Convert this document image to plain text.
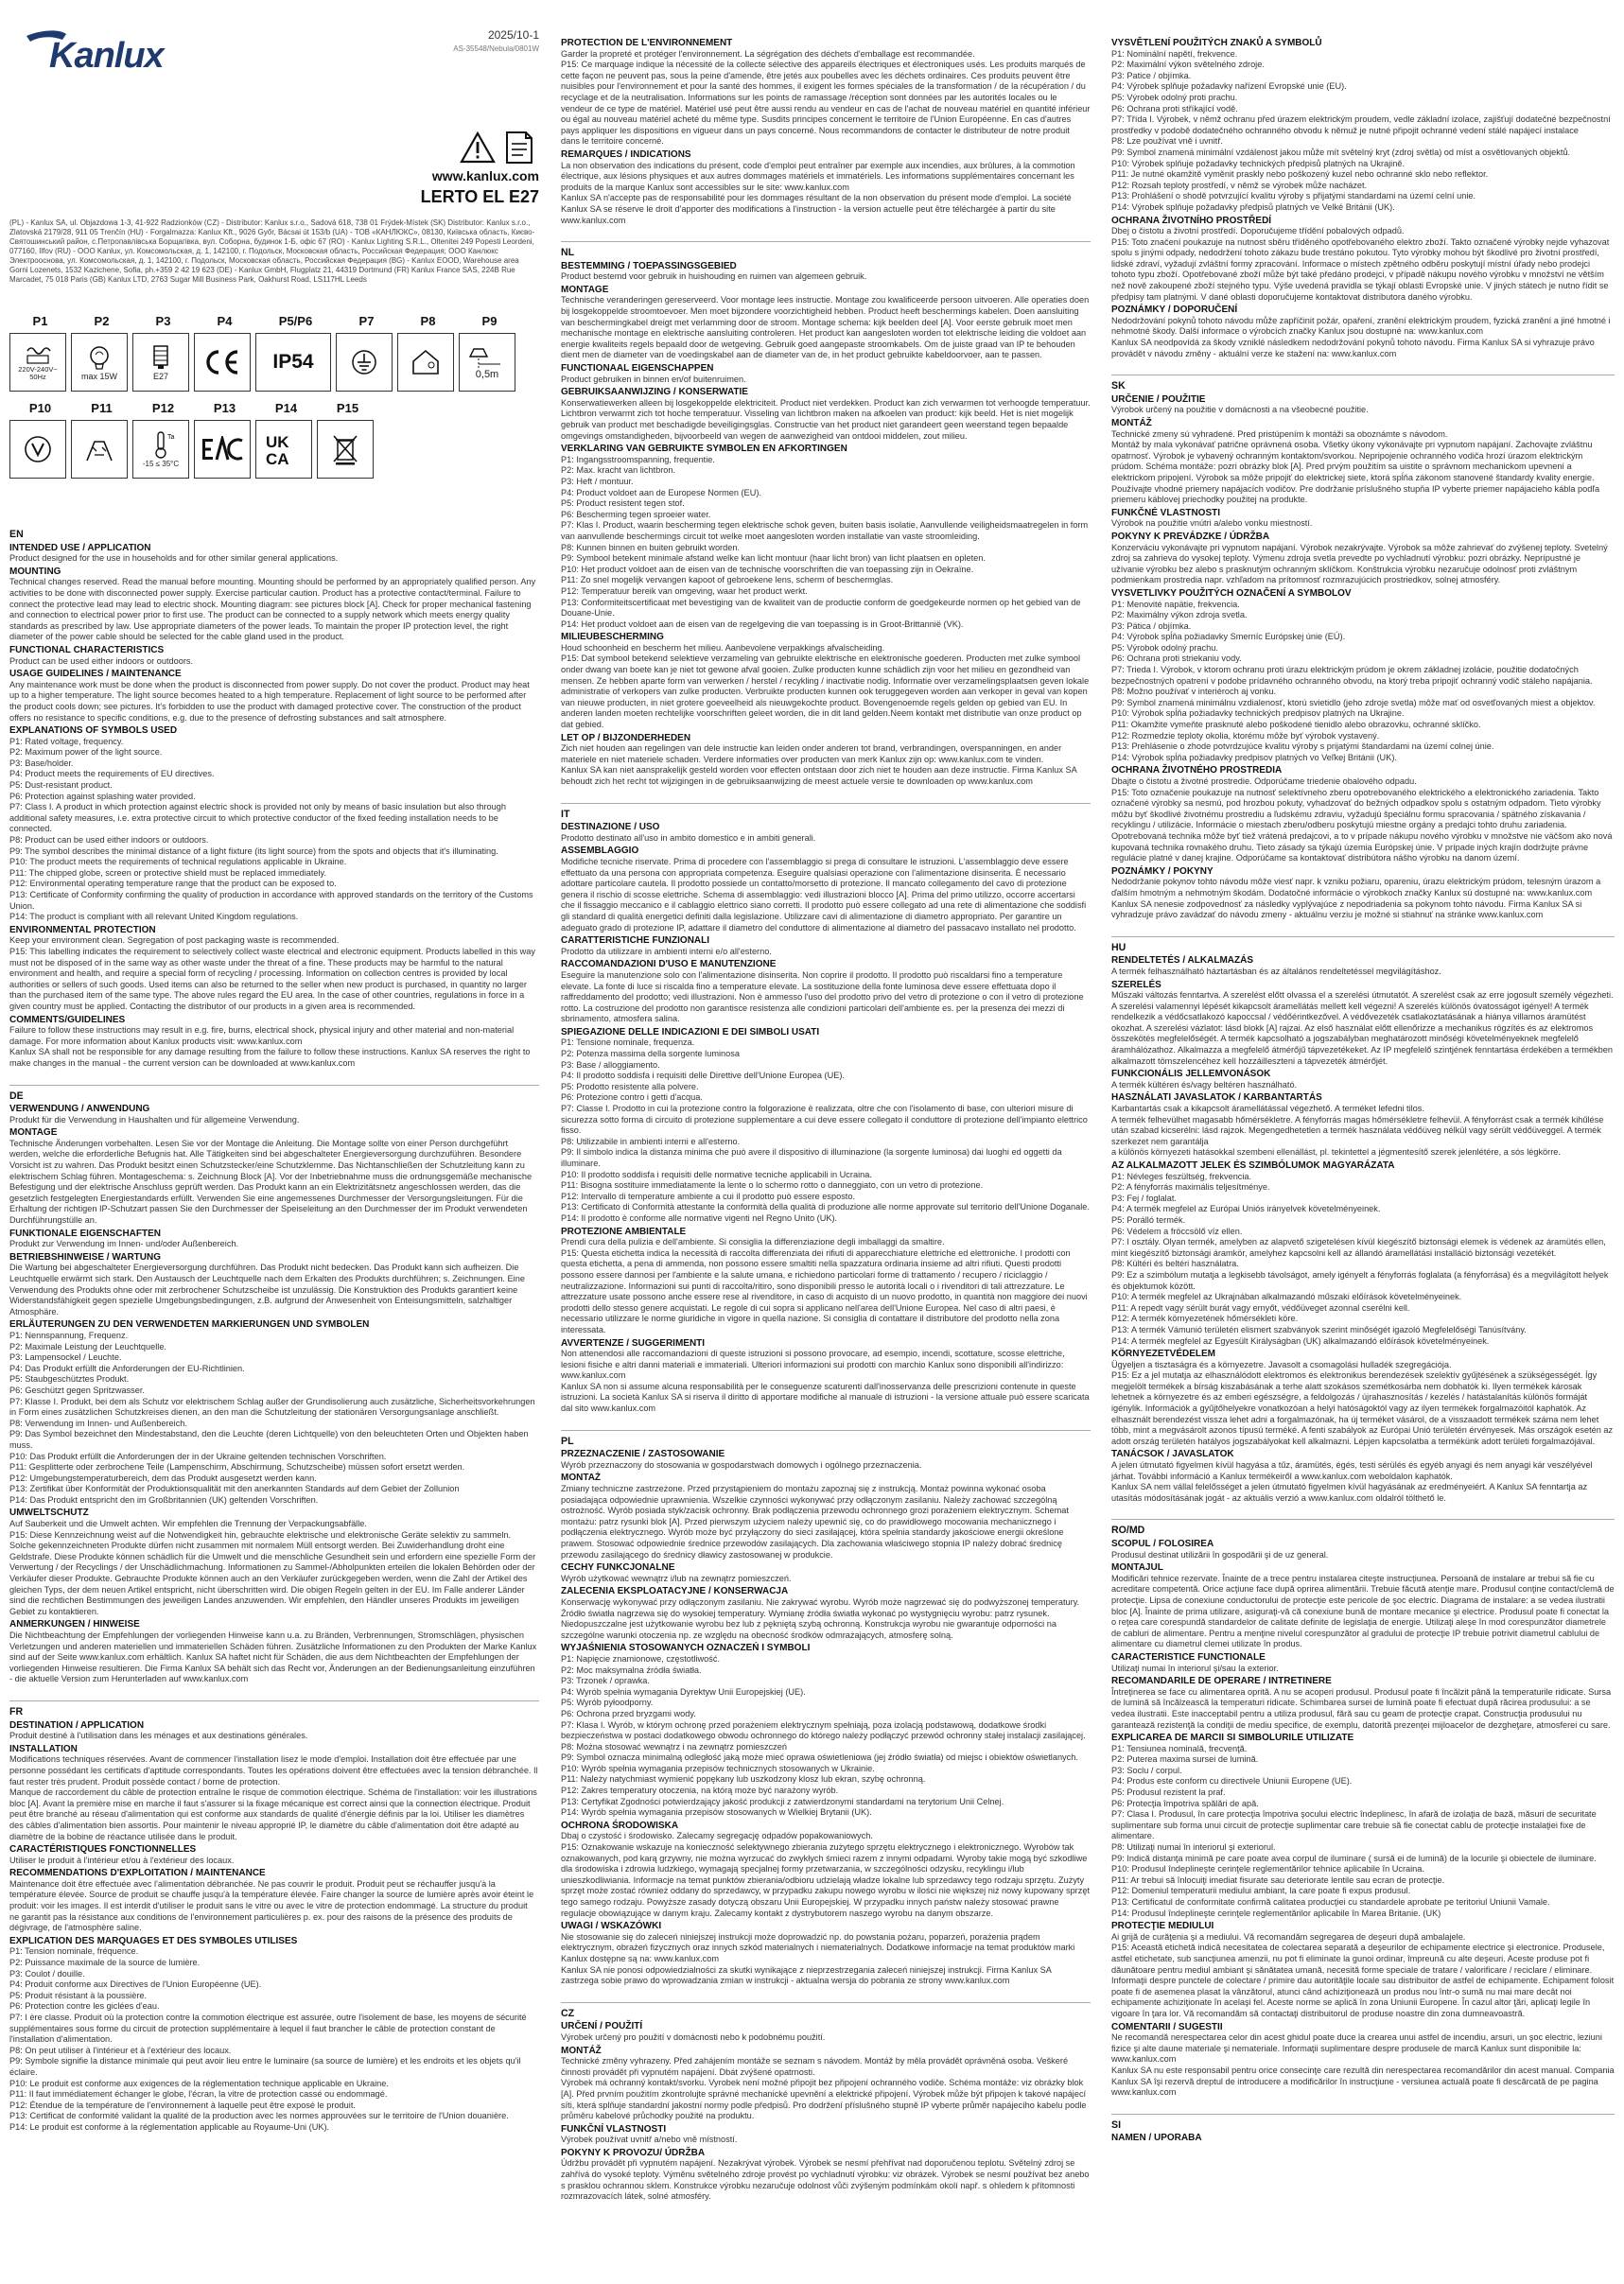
Kanlux
2025/10-1
AS-35548/Nebula/0801W
www.kanlux.com
LERTO EL E27
(PL) - Kanlux SA, ul. Objazdowa 1-3, 41-922 Radzionków (CZ) - Distributor: Kanlux s.r.o., Sadová 618, 738 01 Frýdek-Místek (SK) Distributor: Kanlux s.r.o., Zlatovská 2179/28, 911 05 Trenčín (HU) - Forgalmazza: Kanlux Kft., 9026 Győr, Bácsai út 153/b (UA) - ТОВ «КАНЛЮКС», 08130, Київська область, Києво-Святошинський район, с.Петропавлівська Борщагівка, вул. Соборна, будинок 1-Б, офіс 67 (RO) - Kanlux Lighting S.R.L., Oltenitei 249 Popesti Leordeni, 077160, Ilfov (RU) - ООО Kanlux, ул. Комсомольская, д. 1, 142100, г. Подольск, Московская область, Российская Федерация; ООО Канлюкс Электрооснова, ул. Комсомольская, д. 1, 142100, г. Подольск, Московская область, Российская Федерация (BG) - Kanlux EOOD, Warehouse area Gorni Lozenets, 1532 Kazichene, Sofia, ph.+359 2 42 19 623 (DE) - Kanlux GmbH, Flugplatz 21, 44319 Dortmund (FR) Kanlux France SAS, 224B Rue Marcadet, 75 018 Paris (GB) Kanlux LTD, 2763 Sugar Mill Business Park, Oakhurst Road, LS117HL Leeds
P1	P2	P3	P4	P5/P6	P7	P8	P9
220V-240V~ 50Hz	max 15W	E27
IP54
0,5m
P10	P11	P12	P13	P14	P15
Ta
-15 ≤ 35°C
UK
CA
EN
INTENDED USE / APPLICATION
Product designed for the use in households and for other similar general applications.
MOUNTING
Technical changes reserved. Read the manual before mounting. Mounting should be performed by an appropriately qualified person. Any activities to be done with disconnected power supply. Exercise particular caution. Product has a protective contact/terminal. Failure to connect the protective lead may lead to electric shock. Mounting diagram: see pictures block [A]. Check for proper mechanical fastening and connection to electrical power prior to first use. The product can be connected to a supply network which meets energy quality standards as prescribed by law. Use appropriate diameters of the power leads. To maintain the proper IP protection level, the right diameter of the power cable should be selected for the cable gland used in the product.
FUNCTIONAL CHARACTERISTICS
Product can be used either indoors or outdoors.
USAGE GUIDELINES / MAINTENANCE
Any maintenance work must be done when the product is disconnected from power supply. Do not cover the product. Product may heat up to a higher temperature. The light source becomes heated to a high temperature. Replacement of light source to be performed after the product cools down; see pictures. It's forbidden to use the product with damaged protective cover. The construction of the product offers no resistance to specific conditions, e.g. due to the presence of defrosting substances and salt atmosphere.
EXPLANATIONS OF SYMBOLS USED
P1: Rated voltage, frequency.
P2: Maximum power of the light source.
P3: Base/holder.
P4: Product meets the requirements of EU directives.
P5: Dust-resistant product.
P6: Protection against splashing water provided.
P7: Class I. A product in which protection against electric shock is provided not only by means of basic insulation but also through additional safety measures, i.e. extra protective circuit to which protective conductor of the fixed feeding installation needs to be connected.
P8: Product can be used either indoors or outdoors.
P9: The symbol describes the minimal distance of a light fixture (its light source) from the spots and objects that it's illuminating.
P10: The product meets the requirements of technical regulations applicable in Ukraine.
P11: The chipped globe, screen or protective shield must be replaced immediately.
P12: Environmental operating temperature range that the product can be exposed to.
P13: Certificate of Conformity confirming the quality of production in accordance with approved standards on the territory of the Customs Union.
P14: The product is compliant with all relevant United Kingdom regulations.
ENVIRONMENTAL PROTECTION
Keep your environment clean. Segregation of post packaging waste is recommended.
P15: This labelling indicates the requirement to selectively collect waste electrical and electronic equipment. Products labelled in this way must not be disposed of in the same way as other waste under the threat of a fine. These products may be harmful to the natural environment and health, and require a special form of recycling / processing. Information on collection centres is provided by local authorities or sellers of such goods. Used items can also be returned to the seller when new product is purchased, in quantity no larger than the purchased item of the same type. The above rules regard the EU area. In the case of other countries, regulations in force in a given country must be applied. Contacting the distributor of our products in a given area is recommended.
COMMENTS/GUIDELINES
Failure to follow these instructions may result in e.g. fire, burns, electrical shock, physical injury and other material and non-material damage. For more information about Kanlux products visit: www.kanlux.com
Kanlux SA shall not be responsible for any damage resulting from the failure to follow these instructions. Kanlux SA reserves the right to make changes in the manual - the current version can be downloaded at www.kanlux.com
DE
VERWENDUNG / ANWENDUNG
Produkt für die Verwendung in Haushalten und für allgemeine Verwendung.
MONTAGE
Technische Änderungen vorbehalten. Lesen Sie vor der Montage die Anleitung. Die Montage sollte von einer Person durchgeführt werden, welche die erforderliche Befugnis hat. Alle Tätigkeiten sind bei abgeschalteter Energieversorgung durchzuführen. Besondere Vorsicht ist zu wahren. Das Produkt besitzt einen Schutzstecker/eine Schutzklemme. Das Nichtanschließen der Schutzleitung kann zu elektrischem Schlag führen. Montageschema: s. Zeichnung Block [A]. Vor der Inbetriebnahme muss die ordnungsgemäße mechanische Befestigung und der elektrische Anschluss geprüft werden. Das Produkt kann an ein Elektrizitätsnetz angeschlossen werden, das die gesetzlich festgelegten Energiestandards erfüllt. Verwenden Sie eine angemessenes Durchmesser der Versorgungsleitungen. Für die Erhaltung der richtigen IP-Schutzart passen Sie den Durchmesser der Speiseleitung an den Durchmesser der im Produkt verwendeten Durchführungstülle an.
FUNKTIONALE EIGENSCHAFTEN
Produkt zur Verwendung im Innen- und/oder Außenbereich.
BETRIEBSHINWEISE / WARTUNG
Die Wartung bei abgeschalteter Energieversorgung durchführen. Das Produkt nicht bedecken. Das Produkt kann sich aufheizen. Die Leuchtquelle erwärmt sich stark. Den Austausch der Leuchtquelle nach dem Erkalten des Produkts durchführen; s. Zeichnungen. Eine Verwendung des Produkts ohne oder mit zerbrochener Schutzscheibe ist unzulässig. Die Konstruktion des Produkts garantiert keine Widerstandsfähigkeit gegen spezielle Umgebungsbedingungen, z.B. aufgrund der Anwesenheit von Enteisungsmitteln, salzhaltiger Atmosphäre.
ERLÄUTERUNGEN ZU DEN VERWENDETEN MARKIERUNGEN UND SYMBOLEN
P1: Nennspannung, Frequenz.
P2: Maximale Leistung der Leuchtquelle.
P3: Lampensockel / Leuchte.
P4: Das Produkt erfüllt die Anforderungen der EU-Richtlinien.
P5: Staubgeschütztes Produkt.
P6: Geschützt gegen Spritzwasser.
P7: Klasse I. Produkt, bei dem als Schutz vor elektrischem Schlag außer der Grundisolierung auch zusätzliche, Sicherheitsvorkehrungen in Form eines zusätzlichen Schutzkreises dienen, an den man die Schutzleitung der stationären Versorgungsanlage anschließt.
P8: Verwendung im Innen- und Außenbereich.
P9: Das Symbol bezeichnet den Mindestabstand, den die Leuchte (deren Lichtquelle) von den beleuchteten Orten und Objekten haben muss.
P10: Das Produkt erfüllt die Anforderungen der in der Ukraine geltenden technischen Vorschriften.
P11: Gesplitterte oder zerbrochene Teile (Lampenschirm, Abschirmung, Schutzscheibe) müssen sofort ersetzt werden.
P12: Umgebungstemperaturbereich, dem das Produkt ausgesetzt werden kann.
P13: Zertifikat über Konformität der Produktionsqualität mit den anerkannten Standards auf dem Gebiet der Zollunion
P14: Das Produkt entspricht den im Großbritannien (UK) geltenden Vorschriften.
UMWELTSCHUTZ
Auf Sauberkeit und die Umwelt achten. Wir empfehlen die Trennung der Verpackungsabfälle.
P15: Diese Kennzeichnung weist auf die Notwendigkeit hin, gebrauchte elektrische und elektronische Geräte selektiv zu sammeln. Solche gekennzeichneten Produkte dürfen nicht zusammen mit normalem Müll entsorgt werden. Bei Zuwiderhandlung droht eine Geldstrafe. Diese Produkte können schädlich für die Umwelt und die menschliche Gesundheit sein und erfordern eine spezielle Form der Verwertung / der Recyclings / der Unschädlichmachung. Informationen zu Sammel-/Abholpunkten erteilen die lokalen Behörden oder der Verkäufer dieser Produkte. Gebrauchte Produkte können auch an den Verkäufer zurückgegeben werden, wenn die Zahl der Artikel des gleichen Typs, der dem neuen Artikel entspricht, nicht überschritten wird. Die obigen Regeln gelten in der EU. Im Falle anderer Länder sind die rechtlichen Bestimmungen des jeweiligen Landes anzuwenden. Wir empfehlen, den Händler unseres Produkts im jeweiligen Gebiet zu kontaktieren.
ANMERKUNGEN / HINWEISE
Die Nichtbeachtung der Empfehlungen der vorliegenden Hinweise kann u.a. zu Bränden, Verbrennungen, Stromschlägen, physischen Verletzungen und anderen materiellen und immateriellen Schäden führen. Zusätzliche Informationen zu den Produkten der Marke Kanlux sind auf der Seite www.kanlux.com erhältlich. Kanlux SA haftet nicht für Schäden, die aus dem Nichtbeachten der Empfehlungen der vorliegenden Hinweise resultieren. Die Firma Kanlux SA behält sich das Recht vor, Änderungen an der Bedienungsanleitung einzuführen - die aktuelle Version zum Herunterladen auf www.kanlux.com
FR
DESTINATION / APPLICATION
Produit destiné à l'utilisation dans les ménages et aux destinations générales.
INSTALLATION
Modifications techniques réservées. Avant de commencer l'installation lisez le mode d'emploi. Installation doit être effectuée par une personne possédant les certificats d'aptitude correspondants. Toutes les opérations doivent être effectuées avec la tension débranchée. Il faut rester très prudent. Produit possède contact / borne de protection.
Manque de raccordement du câble de protection entraîne le risque de commotion électrique. Schéma de l'installation: voir les illustrations bloc [A]. Avant la première mise en marche il faut s'assurer si la fixage mécanique est correct ainsi que la connection électrique. Produit peut être branché au réseau d'alimentation qui est conforme aux standards de qualité d'énergie définis par la loi. Utiliser les diamètres des câbles d'alimentation bien assortis. Pour maintenir le niveau approprié IP, le diamètre du câble d'alimentation doit être adapté au diamètre de la bobine de réactance utilisée dans le produit.
CARACTÉRISTIQUES FONCTIONNELLES
Utiliser le produit à l'intérieur et/ou à l'extérieur des locaux.
RECOMMENDATIONS D'EXPLOITATION / MAINTENANCE
Maintenance doit être effectuée avec l'alimentation débranchée. Ne pas couvrir le produit. Produit peut se réchauffer jusqu'à la température élevée. Source de produit se chauffe jusqu'à la température élevée. Faire changer la source de lumière après avoir éteint le produit: voir les images. Il est interdit d'utiliser le produit sans le vitre ou avec le vitre de protection endommagé. La structure du produit ne garantit pas la résistance aux conditions de l'environnement particulières p. ex. pour des raisons de la présence des produits de dégivrage, de l'atmosphère saline.
EXPLICATION DES MARQUAGES ET DES SYMBOLES UTILISES
P1: Tension nominale, fréquence.
P2: Puissance maximale de la source de lumière.
P3: Coulot / douille.
P4: Produit conforme aux Directives de l'Union Européenne (UE).
P5: Produit résistant à la poussière.
P6: Protection contre les giclées d'eau.
P7: I ère classe. Produit où la protection contre la commotion électrique est assurée, outre l'isolement de base, les moyens de sécurité supplémentaires sous forme du circuit de protection supplémentaire à lequel il faut brancher le câble de protection constant de l'installation d'alimentation.
P8: On peut utiliser à l'intérieur et à l'extérieur des locaux.
P9: Symbole signifie la distance minimale qui peut avoir lieu entre le luminaire (sa source de lumière) et les endroits et les objets qu'il éclaire.
P10: Le produit est conforme aux exigences de la réglementation technique applicable en Ukraine.
P11: Il faut immédiatement échanger le globe, l'écran, la vitre de protection cassé ou endommagé.
P12: Étendue de la température de l'environnement à laquelle peut être exposé le produit.
P13: Certificat de conformité validant la qualité de la production avec les normes approuvées sur le territoire de l'Union douanière.
P14: Le produit est conforme à la réglementation applicable au Royaume-Uni (UK).
PROTECTION DE L'ENVIRONNEMENT
Garder la propreté et protéger l'environnement. La ségrégation des déchets d'emballage est recommandée.
P15: Ce marquage indique la nécessité de la collecte sélective des appareils électriques et électroniques usés. Les produits marqués de cette façon ne peuvent pas, sous la peine d'amende, être jetés aux poubelles avec les déchets ordinaires. Ces produits peuvent être nuisibles pour l'environnement et pour la santé des hommes, il exigent les formes spéciales de la transformation / de la récupération / du recyclage et de la neutralisation. Informations sur les points de ramassage /réception sont données par les autorités locales ou le vendeur de ce type de matériel. Matériel usé peut être aussi rendu au vendeur en cas de l'achat de nouveau matériel en quantité inférieur ou égal au nouveau matériel acheté du même type. Susdits principes concernent le territoire de l'Union Européenne. En cas d'autres pays appliquer les dispositions en vigueur dans un pays concerné. Nous recommandons de contacter le distributeur de notre produit dans le territoire concerné.
REMARQUES / INDICATIONS
La non observation des indications du présent, code d'emploi peut entraîner par exemple aux incendies, aux brûlures, à la commotion électrique, aux lésions physiques et aux autres dommages matériels et immatériels. Les informations supplémentaires concernant les produits de la marque Kanlux sont accessibles sur le site: www.kanlux.com
Kanlux SA n'accepte pas de responsabilité pour les dommages résultant de la non observation du présent mode d'emploi. La société Kanlux SA se réserve le droit d'apporter des modifications à l'instruction - la version actuelle peut être téléchargée à partir du site www.kanlux.com
NL
BESTEMMING / TOEPASSINGSGEBIED
Product bestemd voor gebruik in huishouding en ruimen van algemeen gebruik.
MONTAGE
Technische veranderingen gereserveerd. Voor montage lees instructie. Montage zou kwalificeerde persoon uitvoeren. Alle operaties doen bij losgekoppelde stroomtoevoer. Men moet bijzondere voorzichtigheid hebben. Product heeft beschermings kabelen. Doen aansluiting van beschermingkabel dreigt met verlamming door de stroom. Montage schema: kijk beelden deel [A]. Voor eerste gebruik moet men mechanische montage en elektrische aansluiting controleren. Het product kan aangesloten worden tot elektrische leiding die voldoet aan energie kwaliteits regels bepaald door de wetgeving. Gebruik goed aangepaste stroomkabels. Om de juiste graad van IP te behouden dient men de diameter van de voedingskabel aan de diameter van de, in het product gebruikte kabeldoorvoer, aan te passen.
FUNCTIONAAL EIGENSCHAPPEN
Product gebruiken in binnen en/of buitenruimen.
GEBRUIKSAANWIJZING / KONSERWATIE
Konserwatiewerken alleen bij losgekoppelde elektriciteit. Product niet verdekken. Product kan zich verwarmen tot verhoogde temperatuur. Lichtbron verwarmt zich tot hoche temperatuur. Visseling van lichtbron maken na afkoelen van product: kijk beeld. Het is niet mogelijk gebruik van product met beschadigde beveiligingsglas. Constructie van het product niet garandeert geen weerstand tegen bepaalde omgevings omstandigheden, bijvoorbeeld van wegen de aanwezigheid van ontdooi middelen, zout milieu.
VERKLARING VAN GEBRUIKTE SYMBOLEN EN AFKORTINGEN
P1: Ingangsstroomspanning, frequentie.
P2: Max. kracht van lichtbron.
P3: Heft / montuur.
P4: Product voldoet aan de Europese Normen (EU).
P5: Product resistent tegen stof.
P6: Bescherming tegen sproeier water.
P7: Klas I. Product, waarin bescherming tegen elektrische schok geven, buiten basis isolatie, Aanvullende veiligheidsmaatregelen in form van aanvullende beschermings circuit tot welke moet aangesloten worden installatie van vaste stroomleiding.
P8: Kunnen binnen en buiten gebruikt worden.
P9: Symbool betekent minimale afstand welke kan licht montuur (haar licht bron) van licht plaatsen en opleten.
P10: Het product voldoet aan de eisen van de technische voorschriften die van toepassing zijn in Oekraïne.
P11: Zo snel mogelijk vervangen kapoot of gebroekene lens, scherm of beschermglas.
P12: Temperatuur bereik van omgeving, waar het product werkt.
P13: Conformiteitscertificaat met bevestiging van de kwaliteit van de productie conform de goedgekeurde normen op het gebied van de Douane-Unie.
P14: Het product voldoet aan de eisen van de regelgeving die van toepassing is in Groot-Brittannië (VK).
MILIEUBESCHERMING
Houd schoonheid en bescherm het milieu. Aanbevolene verpakkings afvalscheiding.
P15: Dat symbool betekend selektieve verzameling van gebruikte elektrische en elektronische goederen. Producten met zulke symbool onder dwang van boete kan je niet tot gewone afval gooien. Zulke producten kunne schädlich zijn voor het milieu en gezondheid van mensen. Ze hebben aparte form van verwerken / herstel / recykling / inactivatie nodig. Informatie over verzamelingsplaatsen geven lokale administratie of verkopers van zulke producten. Verbruikte producten kunnen ook teruggegeven worden aan verkoper in geval van kopen van nieuwe producten, in niet grotere goeveelheid als nieuwgekochte product. Bovengenoemde regels gelden op gebied van EU. In anderen landen moeten rechtelijke voorschriften geleet worden, die in dit land gelden.Neem kontakt met distributie van onze product op dat gebied.
LET OP / BIJZONDERHEDEN
Zich niet houden aan regelingen van dele instructie kan leiden onder anderen tot brand, verbrandingen, overspanningen, en ander materiele en niet materiele schaden. Verdere informaties over producten van merk Kanlux zijn op: www.kanlux.com te vinden.
Kanlux SA kan niet aansprakelijk gesteld worden voor effecten ontstaan door zich niet te houden aan deze instructie. Firma Kanlux SA behoudt zich het recht tot wijzigingen in de gebruiksaanwijzing de meest actuele versie te downloaden op www.kanlux.com
IT
DESTINAZIONE / USO
Prodotto destinato all'uso in ambito domestico e in ambiti generali.
ASSEMBLAGGIO
Modifiche tecniche riservate. Prima di procedere con l'assemblaggio si prega di consultare le istruzioni. L'assemblaggio deve essere effettuato da una persona con appropriata competenza. Eseguire qualsiasi operazione con l'alimentazione disinserita. È necessario adottare particolare cautela. Il prodotto possiede un contatto/morsetto di protezione. Il mancato collegamento del cavo di protezione genera il rischio di scosse elettriche. Schema di assemblaggio: vedi illustrazioni blocco [A]. Prima del primo utilizzo, occorre accertarsi che il fissaggio meccanico e il cablaggio elettrico siano corretti. Il prodotto può essere collegato ad una rete di alimentazione che soddisfi gli standard di qualità energetici definiti dalla legislazione. Utilizzare cavi di alimentazione di diametro appropriato. Per garantire un adeguato grado di protezione IP, adattare il diametro del conduttore di alimentazione al diametro del passacavo installato nel prodotto.
CARATTERISTICHE FUNZIONALI
Prodotto da utilizzare in ambienti interni e/o all'esterno.
RACCOMANDAZIONI D'USO E MANUTENZIONE
Eseguire la manutenzione solo con l'alimentazione disinserita. Non coprire il prodotto. Il prodotto può riscaldarsi fino a temperature elevate. La fonte di luce si riscalda fino a temperature elevate. La sostituzione della fonte luminosa deve essere effettuata dopo il raffreddamento del prodotto; vedi illustrazioni. Non è ammesso l'uso del prodotto privo del vetro di protezione o con il vetro di protezione rotto. La costruzione del prodotto non garantisce resistenza alle condizioni particolari dell'ambiente es. per la presenza dei mezzi di sbrinamento, atmosfera salina.
SPIEGAZIONE DELLE INDICAZIONI E DEI SIMBOLI USATI
P1: Tensione nominale, frequenza.
P2: Potenza massima della sorgente luminosa
P3: Base / alloggiamento.
P4: Il prodotto soddisfa i requisiti delle Direttive dell'Unione Europea (UE).
P5: Prodotto resistente alla polvere.
P6: Protezione contro i getti d'acqua.
P7: Classe I. Prodotto in cui la protezione contro la folgorazione è realizzata, oltre che con l'isolamento di base, con ulteriori misure di sicurezza sotto forma di circuito di protezione supplementare a cui deve essere collegato il conduttore di protezione dell'impianto elettrico fisso.
P8: Utilizzabile in ambienti interni e all'esterno.
P9: Il simbolo indica la distanza minima che può avere il dispositivo di illuminazione (la sorgente luminosa) dai luoghi ed oggetti da illuminare.
P10: Il prodotto soddisfa i requisiti delle normative tecniche applicabili in Ucraina.
P11: Bisogna sostituire immediatamente la lente o lo schermo rotto o danneggiato, con un vetro di protezione.
P12: Intervallo di temperature ambiente a cui il prodotto può essere esposto.
P13: Certificato di Conformità attestante la conformità della qualità di produzione alle norme approvate sul territorio dell'Unione Doganale.
P14: Il prodotto è conforme alle normative vigenti nel Regno Unito (UK).
PROTEZIONE AMBIENTALE
Prendi cura della pulizia e dell'ambiente. Si consiglia la differenziazione degli imballaggi da smaltire.
P15: Questa etichetta indica la necessità di raccolta differenziata dei rifiuti di apparecchiature elettriche ed elettroniche. I prodotti con questa etichetta, a pena di ammenda, non possono essere smaltiti nella spazzatura ordinaria insieme ad altri rifiuti. Questi prodotti possono essere dannosi per l'ambiente e la salute umana, e richiedono particolari forme di trattamento / recupero / riciclaggio / neutralizzazione. Informazioni sui punti di raccolta/ritiro, sono disponibili presso le autorità locali o i rivenditori di tali attrezzature. Le attrezzature usate possono anche essere rese al rivenditore, in caso di acquisto di un nuovo prodotto, in quantità non maggiore dei nuovi prodotti dello stesso genere acquistati. Le regole di cui sopra si applicano nell'area dell'Unione Europea. Nel caso di altri paesi, è necessario utilizzare le norme giuridiche in vigore in quella nazione. Si consiglia di contattare il distributore del prodotto nella zona interessata.
AVVERTENZE / SUGGERIMENTI
Non attenendosi alle raccomandazioni di queste istruzioni si possono provocare, ad esempio, incendi, scottature, scosse elettriche, lesioni fisiche e altri danni materiali e immateriali. Ulteriori informazioni sui prodotti con marchio Kanlux sono disponibili all'indirizzo: www.kanlux.com
Kanlux SA non si assume alcuna responsabilità per le conseguenze scaturenti dall'inosservanza delle prescrizioni contenute in queste istruzioni. La società Kanlux SA si riserva il diritto di apportare modifiche al manuale di istruzioni - la versione attuale può essere scaricata dal sito www.kanlux.com
PL
PRZEZNACZENIE / ZASTOSOWANIE
Wyrób przeznaczony do stosowania w gospodarstwach domowych i ogólnego przeznaczenia.
MONTAŻ
Zmiany techniczne zastrzeżone. Przed przystąpieniem do montażu zapoznaj się z instrukcją. Montaż powinna wykonać osoba posiadająca odpowiednie uprawnienia. Wszelkie czynności wykonywać przy odłączonym zasilaniu. Należy zachować szczególną ostrożność. Wyrób posiada styk/zacisk ochronny. Brak podłączenia przewodu ochronnego grozi porażeniem elektrycznym. Schemat montażu: patrz rysunki blok [A]. Przed pierwszym użyciem należy upewnić się, co do prawidłowego mocowania mechanicznego i podłączenia elektrycznego. Wyrób może być przyłączony do sieci zasilającej, która spełnia standardy jakościowe energii określone prawem. Stosować odpowiednie średnice przewodów zasilających. Dla zachowania właściwego stopnia IP należy dobrać średnicę przewodu zasilającego do średnicy dławicy zastosowanej w produkcie.
CECHY FUNKCJONALNE
Wyrób użytkować wewnątrz i/lub na zewnątrz pomieszczeń.
ZALECENIA EKSPLOATACYJNE / KONSERWACJA
Konserwację wykonywać przy odłączonym zasilaniu. Nie zakrywać wyrobu. Wyrób może nagrzewać się do podwyższonej temperatury. Źródło światła nagrzewa się do wysokiej temperatury. Wymianę źródła światła wykonać po wystygnięciu wyrobu: patrz rysunek. Niedopuszczalne jest użytkowanie wyrobu bez lub z pękniętą szybą ochronną. Konstrukcja wyrobu nie gwarantuje odporności na szczególne warunki otoczenia np. ze względu na obecność środków odmrażających, atmosferę solną.
WYJAŚNIENIA STOSOWANYCH OZNACZEŃ I SYMBOLI
P1: Napięcie znamionowe, częstotliwość.
P2: Moc maksymalna źródła światła.
P3: Trzonek / oprawka.
P4: Wyrób spełnia wymagania Dyrektyw Unii Europejskiej (UE).
P5: Wyrób pyłoodporny.
P6: Ochrona przed bryzgami wody.
P7: Klasa I. Wyrób, w którym ochronę przed porażeniem elektrycznym spełniają, poza izolacją podstawową, dodatkowe środki bezpieczeństwa w postaci dodatkowego obwodu ochronnego do którego należy podłączyć przewód ochronny stałej instalacji zasilającej.
P8: Można stosować wewnątrz i na zewnątrz pomieszczeń
P9: Symbol oznacza minimalną odległość jaką może mieć oprawa oświetleniowa (jej źródło światła) od miejsc i obiektów oświetlanych.
P10: Wyrób spełnia wymagania przepisów technicznych stosowanych w Ukrainie.
P11: Należy natychmiast wymienić popękany lub uszkodzony klosz lub ekran, szybę ochronną.
P12: Zakres temperatury otoczenia, na którą może być narażony wyrób.
P13: Certyfikat Zgodności potwierdzający jakość produkcji z zatwierdzonymi standardami na terytorium Unii Celnej.
P14: Wyrób spełnia wymagania przepisów stosowanych w Wielkiej Brytanii (UK).
OCHRONA ŚRODOWISKA
Dbaj o czystość i środowisko. Zalecamy segregację odpadów popakowaniowych.
P15: Oznakowanie wskazuje na konieczność selektywnego zbierania zużytego sprzętu elektrycznego i elektronicznego. Wyrobów tak oznakowanych, pod karą grzywny, nie można wyrzucać do zwykłych śmieci razem z innymi odpadami. Wyroby takie mogą być szkodliwe dla środowiska i zdrowia ludzkiego, wymagają specjalnej formy przetwarzania, w szczególności odzysku, recyklingu i/lub unieszkodliwiania. Informacje na temat punktów zbierania/odbioru udzielają władze lokalne lub sprzedawcy tego rodzaju sprzętu. Zużyty sprzęt może zostać również oddany do sprzedawcy, w przypadku zakupu nowego wyrobu w ilości nie większej niż nowy kupowany sprzęt tego samego rodzaju. Powyższe zasady dotyczą obszaru Unii Europejskiej. W przypadku innych państw należy stosować prawne regulacje obowiązujące w danym kraju. Zalecamy kontakt z dystrybutorem naszego wyrobu na danym obszarze.
UWAGI / WSKAZÓWKI
Nie stosowanie się do zaleceń niniejszej instrukcji może doprowadzić np. do powstania pożaru, poparzeń, porażenia prądem elektrycznym, obrażeń fizycznych oraz innych szkód materialnych i niematerialnych. Dodatkowe informacje na temat produktów marki Kanlux dostępne są na: www.kanlux.com
Kanlux SA nie ponosi odpowiedzialności za skutki wynikające z nieprzestrzegania zaleceń niniejszej instrukcji. Firma Kanlux SA zastrzega sobie prawo do wprowadzania zmian w instrukcji - aktualna wersja do pobrania ze strony www.kanlux.com
CZ
URČENÍ / POUŽITÍ
Výrobek určený pro použití v domácnosti nebo k podobnému použití.
MONTÁŽ
Technické změny vyhrazeny. Před zahájením montáže se seznam s návodem. Montáž by měla provádět oprávněná osoba. Veškeré činnosti provádět při vypnutém napájení. Dbát zvýšené opatrnosti.
Výrobek má ochranný kontakt/svorku. Vyrobek není možné připojit bez připojení ochranného vodiče. Schéma montáže: viz obrázky blok [A]. Před prvním použitím zkontrolujte správné mechanické upevnění a elektrické připojení. Výrobek může být připojen k takové napájecí síti, která splňuje standardní jakostní normy podle předpisů. Pro dodržení příslušného stupně IP vyberte průměr napájecího kabelu podle průměru kabelové průchodky použité na produktu.
FUNKČNÍ VLASTNOSTI
Výrobek používat uvnitř a/nebo vně místností.
POKYNY K PROVOZU/ ÚDRŽBA
Údržbu provádět při vypnutém napájení. Nezakrývat výrobek. Výrobek se nesmí přehřívat nad doporučenou teplotu. Světelný zdroj se zahřívá do vysoké teploty. Výměnu světelného zdroje provést po vychladnutí výrobku: viz obrázek. Výrobek se nesmí používat bez anebo s prasklou ochrannou sklem. Konstrukce výrobku nezaručuje odolnost vůči zvýšeným podmínkám okolí např. s ohledem k přítomnosti rozmrazovacích látek, solné atmosféry.
VYSVĚTLENÍ POUŽITÝCH ZNAKŮ A SYMBOLŮ
P1: Nominální napětí, frekvence.
P2: Maximální výkon světelného zdroje.
P3: Patice / objímka.
P4: Výrobek splňuje požadavky nařízení Evropské unie (EU).
P5: Výrobek odolný proti prachu.
P6: Ochrana proti stříkající vodě.
P7: Třída I. Výrobek, v němž ochranu před úrazem elektrickým proudem, vedle základní izolace, zajišťují dodatečné bezpečnostní prostředky v podobě dodatečného ochranného obvodu k němuž je nutné připojit ochranné vedení stálé napájecí instalace
P8: Lze používat vně i uvnitř.
P9: Symbol znamená minimální vzdálenost jakou může mít světelný kryt (zdroj světla) od míst a osvětlovaných objektů.
P10: Výrobek splňuje požadavky technických předpisů platných na Ukrajině.
P11: Je nutné okamžitě vyměnit praskly nebo poškozený kuzel nebo ochranné sklo nebo reflektor.
P12: Rozsah teploty prostředí, v němž se výrobek může nacházet.
P13: Prohlášení o shodě potvrzující kvalitu výroby s přijatými standardami na území celní unie.
P14: Výrobek splňuje požadavky předpisů platných ve Velké Británii (UK).
OCHRANA ŽIVOTNÍHO PROSTŘEDÍ
Dbej o čistotu a životní prostředí. Doporučujeme třídění pobalových odpadů.
P15: Toto značení poukazuje na nutnost sběru tříděného opotřebovaného elektro zboží. Takto označené výrobky nejde vyhazovat spolu s jinými odpady, nedodržení tohoto zákazu bude trestáno pokutou. Tyto výrobky mohou být škodlivé pro životní prostředí, lidské zdraví, vyžadují zvláštní formy zpracování. Informace o místech zpětného odběru poskytují místní úřady nebo prodejci tohoto typu zboží. Opotřebované zboží může být také předáno prodejci, v případě nákupu nového výrobku v množství ne větším než nově zakoupené zboží stejného typu. Výše uvedená pravidla se týkají oblasti Evropské unie. V jiných státech je nutno řídit se předpisy tam platnými. V dané oblasti doporučujeme kontaktovat distributora daného výrobku.
POZNÁMKY / DOPORUČENÍ
Nedodržování pokynů tohoto návodu může zapříčinit požár, opaření, zranění elektrickým proudem, fyzická zranění a jiné hmotné i nehmotné škody. Další informace o výrobcích značky Kanlux jsou dostupné na: www.kanlux.com
Kanlux SA neodpovídá za škody vzniklé následkem nedodržování pokynů tohoto návodu. Firma Kanlux SA si vyhrazuje právo provádět v návodu změny - aktuální verze ke stažení na: www.kanlux.com
SK
URČENIE / POUŽITIE
Výrobok určený na použitie v domácnosti a na všeobecné použitie.
MONTÁŽ
Technické zmeny sú vyhradené. Pred pristúpením k montáži sa oboznámte s návodom.
Montáž by mala vykonávať patrične oprávnená osoba. Všetky úkony vykonávajte pri vypnutom napájaní. Zachovajte zvláštnu opatrnosť. Výrobok je vybavený ochranným kontaktom/svorkou. Nepripojenie ochranného vodiča hrozí úrazom elektrickým prúdom. Schéma montáže: pozri obrázky blok [A]. Pred prvým použitím sa uistite o správnom mechanickom upevnení a elektrickom pripojení. Výrobok sa môže pripojiť do elektrickej siete, ktorá spĺňa zákonom stanovené štandardy kvality energie. Používajte vhodné priemery napájacích vodičov. Pre dodržanie príslušného stupňa IP vyberte priemer napájacieho kábla podľa priemeru káblovej priechodky použitej na produkte.
FUNKČNÉ VLASTNOSTI
Výrobok na použitie vnútri a/alebo vonku miestností.
POKYNY K PREVÁDZKE / ÚDRŽBA
Konzerváciu vykonávajte pri vypnutom napájaní. Výrobok nezakrývajte. Výrobok sa môže zahrievať do zvýšenej teploty. Svetelný zdroj sa zahrieva do vysokej teploty. Výmenu zdroja svetla prevedte po vychladnutí výrobku: pozri obrázky. Neprípustné je užívanie výrobku bez alebo s prasknutým ochranným sklíčkom. Konštrukcia výrobku nezaručuje odolnosť proti zvláštnym podmienkam prostredia napr. vzhľadom na prítomnosť rozmrazujúcich prostriedkov, solnej atmosféry.
VYSVETLIVKY POUŽITÝCH OZNAČENÍ A SYMBOLOV
P1: Menovité napätie, frekvencia.
P2: Maximálny výkon zdroja svetla.
P3: Pätica / objímka.
P4: Výrobok spĺňa požiadavky Smerníc Európskej únie (EÚ).
P5: Výrobok odolný prachu.
P6: Ochrana proti striekaniu vody.
P7: Trieda I. Výrobok, v ktorom ochranu proti úrazu elektrickým prúdom je okrem základnej izolácie, použitie dodatočných bezpečnostných opatrení v podobe prídavného ochranného obvodu, na ktorý treba pripojiť ochranný vodič stáleho napájania.
P8: Možno používať v interiéroch aj vonku.
P9: Symbol znamená minimálnu vzdialenosť, ktorú svietidlo (jeho zdroje svetla) môže mať od osvetľovaných miest a objektov.
P10: Výrobok spĺňa požiadavky technických predpisov platných na Ukrajine.
P11: Okamžite vymeňte prasknuté alebo poškodené tienidlo alebo obrazovku, ochranné sklíčko.
P12: Rozmedzie teploty okolia, ktorému môže byť výrobok vystavený.
P13: Prehlásenie o zhode potvrdzujúce kvalitu výroby s prijatými štandardami na území colnej únie.
P14: Výrobok spĺňa požiadavky predpisov platných vo Veľkej Británii (UK).
OCHRANA ŽIVOTNÉHO PROSTREDIA
Dbajte o čistotu a životné prostredie. Odporúčame triedenie obalového odpadu.
P15: Toto označenie poukazuje na nutnosť selektívneho zberu opotrebovaného elektrického a elektronického zariadenia. Takto označené výrobky sa nesmú, pod hrozbou pokuty, vyhadzovať do bežných odpadkov spolu s ostatným odpadom. Tieto výrobky môžu byť škodlivé životnému prostrediu a ľudskému zdraviu, vyžadujú špeciálnu formu spracovania / spätného získavania / recyklingu / utilizácie. Informácie o miestach zberu/odberu poskytujú miestne orgány a predajci tohto druhu zariadenia. Opotrebovaná technika môže byť tiež vrátená predajcovi, a to v prípade nákupu nového výrobku v množstve nie väčšom ako nová kupovaná technika rovnakého druhu. Tieto zásady sa týkajú územia Európskej únie. V prípade iných krajín dodržujte právne regulácie platné v danej krajine. Odporúčame sa kontaktovať distribútora nášho výrobku na danom území.
POZNÁMKY / POKYNY
Nedodržanie pokynov tohto návodu môže viesť napr. k vzniku požiaru, opareniu, úrazu elektrickým prúdom, telesným úrazom a ďalším hmotným a nehmotným škodám. Dodatočné informácie o výrobkoch značky Kanlux sú dostupné na: www.kanlux.com
Kanlux SA nenesie zodpovednosť za následky vyplývajúce z nepodriadenia sa pokynom tohto návodu. Firma Kanlux SA si vyhradzuje právo zavádzať do návodu zmeny - aktuálnu verziu je možné si stiahnuť na stránke www.kanlux.com
HU
RENDELTETÉS / ALKALMAZÁS
A termék felhasználható háztartásban és az általános rendeltetéssel megvilágításhoz.
SZERELÉS
Műszaki változás fenntartva. A szerelést előtt olvassa el a szerelési útmutatót. A szerelést csak az erre jogosult személy végezheti. A szerelési valamennyi lépését kikapcsolt áramellátás mellett kell végezni! A szerelés különös óvatosságot igényel! A termék rendelkezik a védőcsatlakozó kapoccsal / védőérintkezővel. A védővezeték csatlakoztatásának a hiánya villamos áramütést okozhat. A szerelési vázlatot: lásd blokk [A] rajzai. Az első használat előtt ellenőrizze a mechanikus rögzítés és az elektromos összekötés megfelelőségét. A termék kapcsolható a jogszabályban meghatározott minőségi követelményeknek megfelelő áramhálózathoz. Alkalmazza a megfelelő átmérőjű tápvezetékeket. Az IP megfelelő szintjének fenntartása érdekében a termékben alkalmazott tömszelencéhez kell hozzáilleszteni a tápvezeték átmérőjét.
FUNKCIONÁLIS JELLEMVONÁSOK
A termék kültéren és/vagy beltéren használható.
HASZNÁLATI JAVASLATOK / KARBANTARTÁS
Karbantartás csak a kikapcsolt áramellátással végezhető. A terméket lefedni tilos.
A termék felhevülhet magasabb hőmérsékletre. A fényforrás magas hőmérsékletre felhevül. A fényforrást csak a termék kihűlése után szabad kicserélni: lásd rajzok. Megengedhetetlen a termék használata védőüveg nélkül vagy sérült védőüveggel. A termék szerkezet nem garantálja
a különös környezeti hatásokkal szembeni ellenállást, pl. tekintettel a jégmentesítő szerek jelenlétére, a sós légkörre.
AZ ALKALMAZOTT JELEK ÉS SZIMBÓLUMOK MAGYARÁZATA
P1: Névleges feszültség, frekvencia.
P2: A fényforrás maximális teljesítménye.
P3: Fej / foglalat.
P4: A termék megfelel az Európai Uniós irányelvek követelményeinek.
P5: Porálló termék.
P6: Védelem a fröccsölő víz ellen.
P7: I osztály. Olyan termék, amelyben az alapvető szigetelésen kívül kiegészítő biztonsági elemek is védenek az áramütés ellen, mint kiegészítő biztonsági áramkör, amelyhez kapcsolni kell az állandó áramellátási installáció biztonsági vezetékét.
P8: Kültéri és beltéri használatra.
P9: Ez a szimbólum mutatja a legkisebb távolságot, amely igényelt a fényforrás foglalata (a fényforrása) és a megvilágított helyek és objektumok között.
P10: A termék megfelel az Ukrajnában alkalmazandó műszaki előírások követelményeinek.
P11: A repedt vagy sérült burát vagy ernyőt, védőüveget azonnal cserélni kell.
P12: A termék környezetének hőmérsékleti köre.
P13: A termék Vámunió területén elismert szabványok szerint minőségét igazoló Megfelelőségi Tanúsítvány.
P14: A termék megfelel az Egyesült Királyságban (UK) alkalmazandó előírások követelményeinek.
KÖRNYEZETVÉDELEM
Ügyeljen a tisztaságra és a környezetre. Javasolt a csomagolási hulladék szegregációja.
P15: Ez a jel mutatja az elhasználódott elektromos és elektronikus berendezések szelektív gyűjtésének a szükségességét. Így megjelölt termékek a bírság kiszabásának a terhe alatt szokásos szemétkosárba nem dobhatók ki. Ilyen termékek károsak lehetnek a környezetre és az emberi egészségre, a feldolgozás / újrahasznosítás / kezelés / hatástalanítás különös formáját igénylik. Információk a gyűjtőhelyekre vonatkozóan a helyi hatóságoktól vagy az ilyen termékek forgalmazóitól kaphatók. Az elhasznált berendezést vissza lehet adni a forgalmazónak, ha új terméket vásárol, de a visszaadott termékek száma nem lehet több, mint a megvásárolt azonos típusú terméké. A fenti szabályok az Európai Unió területén érvényesek. Más országok esetén az adott ország területén hatályos jogszabályokat kell alkalmazni. Lépjen kapcsolatba a termékünk adott területi forgalmazójával.
TANÁCSOK / JAVASLATOK
A jelen útmutató figyelmen kívül hagyása a tűz, áramütés, égés, testi sérülés és egyéb anyagi és nem anyagi kár veszélyével járhat. További információ a Kanlux termékeiről a www.kanlux.com weboldalon kaphatók.
Kanlux SA nem vállal felelősséget a jelen útmutató figyelmen kívül hagyásának az eredményeiért. A Kanlux SA fenntartja az utasítás módosításának jogát - az aktuális verzió a www.kanlux.com oldalról tölthető le.
RO/MD
SCOPUL / FOLOSIREA
Produsul destinat utilizării în gospodării şi de uz general.
MONTAJUL
Modificări tehnice rezervate. Înainte de a trece pentru instalarea citeşte instrucţiunea. Persoană de instalare ar trebui să fie cu acreditare competentă. Orice acţiune face după oprirea alimentării. Trebuie făcută atenţie mare. Produsul conţine contact/clemă de protecţie. Lipsa de conexiune conductorului de protecţie este pericole de şoc electric. Diagrama de instalare: a se vedea ilustratii bloc [A]. Înainte de prima utilizare, asiguraţi-vă că conexiune bună de montare mecanice şi electrice. Produsul poate fi conectat la o reţea care corespundă standardelor de calitate definite de legislaţia de energie. Utilizaţi aleşe în mod corespunzător diametrele de cabluri de alimentare. Pentru a menţine nivelul corespunzător al gradului de protecţie IP trebuie potrivit diametrul cablului de alimentare cu diametrul clemei utilizate în produs.
CARACTERISTICE FUNCTIONALE
Utilizaţi numai în interiorul şi/sau la exterior.
RECOMANDARILE DE OPERARE / INTRETINERE
Întreţinerea se face cu alimentarea oprită. A nu se acoperi produsul. Produsul poate fi încălzit până la temperaturile ridicate. Sursa de lumină să încălzească la temperaturi ridicate. Schimbarea sursei de lumină poate fi efectuat după răcirea produsului: a se vedea ilustratii. Este inacceptabil pentru a utiliza produsul, fără sau cu geam de protecţie crapat. Construcţia produsului nu garantează rezistenţă la condiţii de mediu specifice, de exemplu, datorită prezenţei mijloacelor de dezgheţare, atmosferei cu sare.
EXPLICAREA DE MARCII SI SIMBOLURILE UTILIZATE
P1: Tensiunea nominală, frecvenţă.
P2: Puterea maxima sursei de lumină.
P3: Soclu / corpul.
P4: Produs este conform cu directivele Uniunii Europene (UE).
P5: Produsul rezistent la praf.
P6: Protecţia împotriva spălări de apă.
P7: Clasa I. Produsul, în care protecţia împotriva şocului electric îndeplinesc, în afară de izolaţia de bază, măsuri de securitate suplimentare sub forma unui circuit de protecţie suplimentar care trebuie să fie conectat cablu de protecţie instalaţiei fixe de alimentare.
P8: Utilizaţi numai în interiorul şi exteriorul.
P9: Indică distanţa minimă pe care poate avea corpul de iluminare ( sursă ei de lumină) de la locurile şi obiectele de iluminare.
P10: Produsul îndeplineşte cerinţele reglementărilor tehnice aplicabile în Ucraina.
P11: Ar trebui să înlocuiţi imediat fisurate sau deteriorate lentile sau ecran de protecţie.
P12: Domeniul temperaturii mediului ambiant, la care poate fi expus produsul.
P13: Certificatul de conformitate confirmă calitatea producţiei cu standardele aprobate pe teritoriul Uniunii Vamale.
P14: Produsul îndeplineşte cerinţele reglementărilor aplicabile în Marea Britanie. (UK)
PROTECŢIE MEDIULUI
Ai grijă de curăţenia şi a mediului. Vă recomandăm segregarea de deşeuri după ambalajele.
P15: Această etichetă indică necesitatea de colectarea separată a deşeurilor de echipamente electrice şi electronice. Produsele, astfel etichetate, sub sancţiunea amenzii, nu pot fi eliminate la gunoi ordinar, împreună cu alte deşeuri. Aceste produse pot fi dăunătoare pentru mediul ambiant şi sănătatea umană, necesită forme speciale de tratare / valorificare / reciclare / eliminare. Informaţii despre punctele de colectare / primire dau autorităţile locale sau distribuitor de astfel de echipamente. Echipament folosit poate fi de asemenea plasat la vânzătorul, atunci când achiziţionează un produs nou într-o sumă nu mai mare decât noi echipamente achiziţionate în acelaşi fel. Aceste norme se aplică în zona Uniunii Europene. În cazul altor ţări, aplicaţi legile în vigoare în ţara lor. Vă recomandăm să contactaţi distribuitorul de produse noastre din zona dumneavoastră.
COMENTARII / SUGESTII
Ne recomandă nerespectarea celor din acest ghidul poate duce la crearea unui astfel de incendiu, arsuri, un şoc electric, leziuni fizice şi alte daune materiale şi nemateriale. Informaţii suplimentare despre produsele de marcă Kanlux sunt disponibile la: www.kanlux.com
Kanlux SA nu este responsabil pentru orice consecinţe care rezultă din nerespectarea recomandărilor din acest manual. Compania Kanlux SA îşi rezervă dreptul de introducere a modificărilor în instrucţiune - versiunea actuală poate fi descărcată de pe pagina www.kanlux.com
SI
NAMEN / UPORABA
